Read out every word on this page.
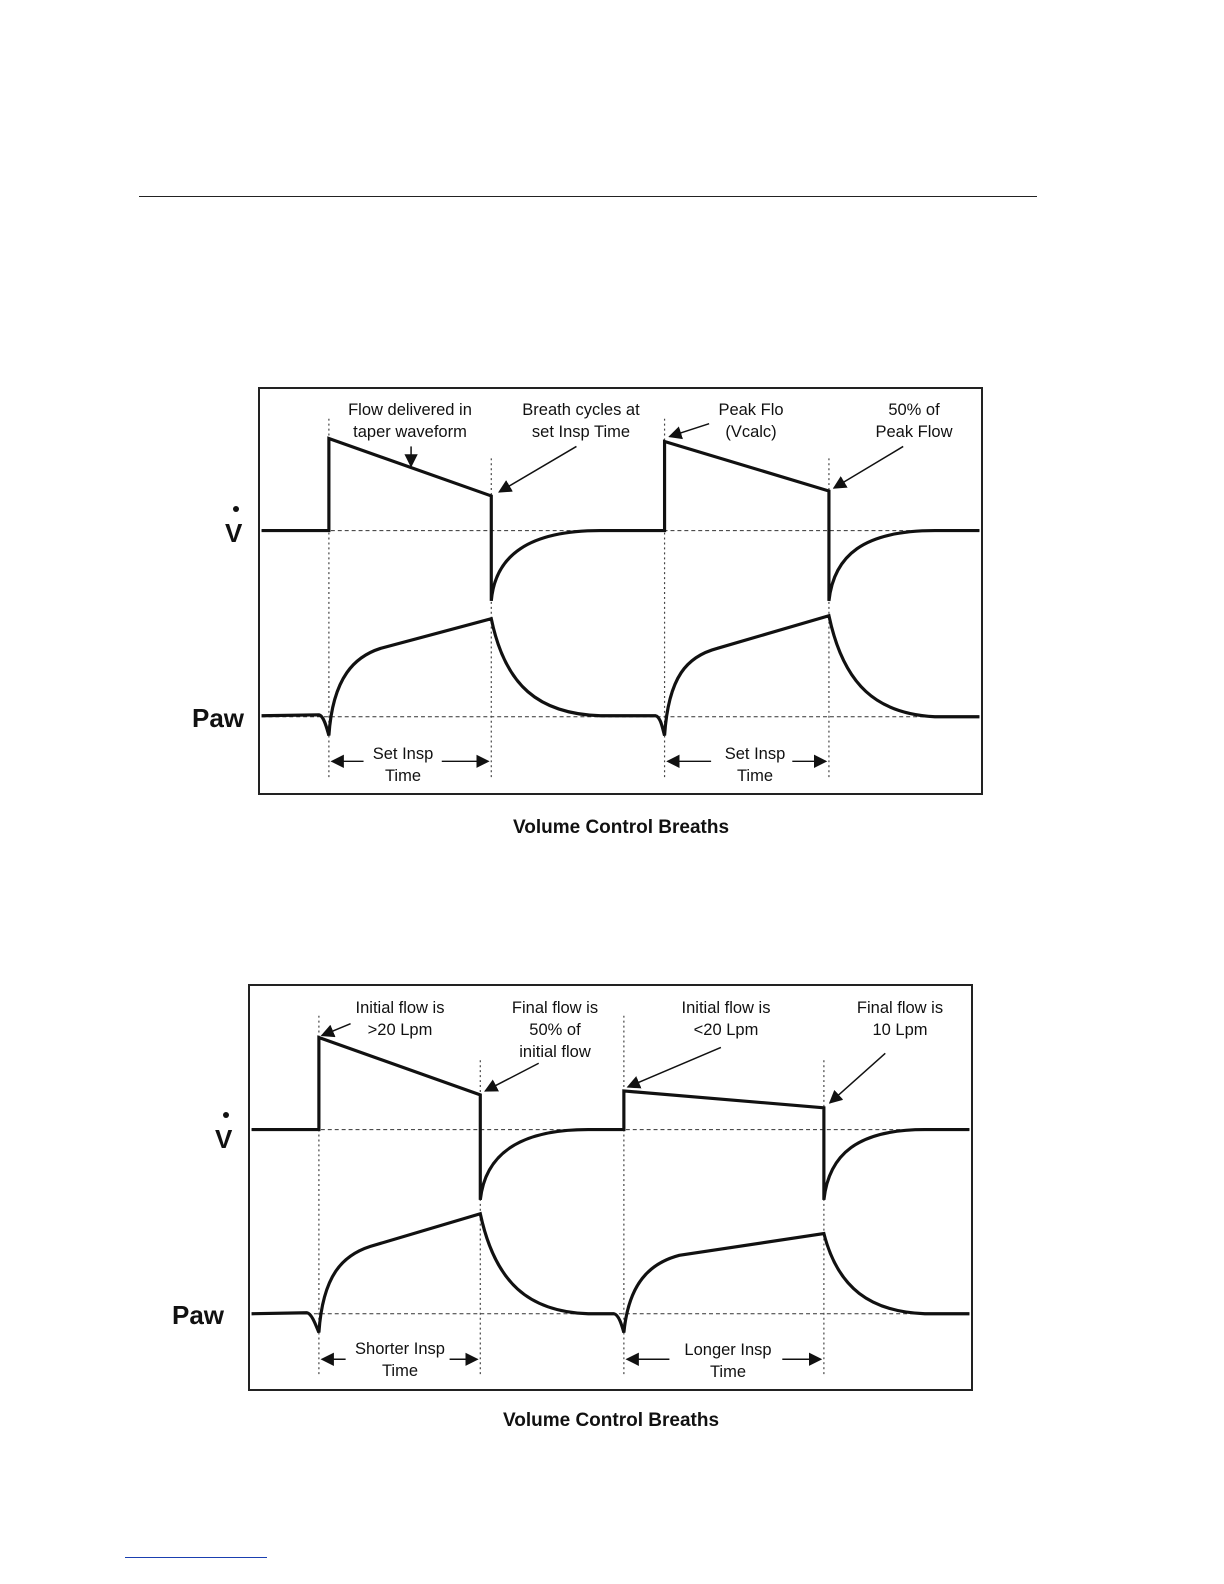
V
Paw
Flow delivered in
taper waveform
Breath cycles at
set Insp Time
Peak Flo
(Vcalc)
50% of
Peak Flow
Set Insp
Time
Set Insp
Time
Volume Control Breaths
V
Paw
Initial flow is
>20 Lpm
Final flow is
50% of
initial flow
Initial flow is
<20 Lpm
Final flow is
10 Lpm
Shorter Insp
Time
Longer Insp
Time
Volume Control Breaths
